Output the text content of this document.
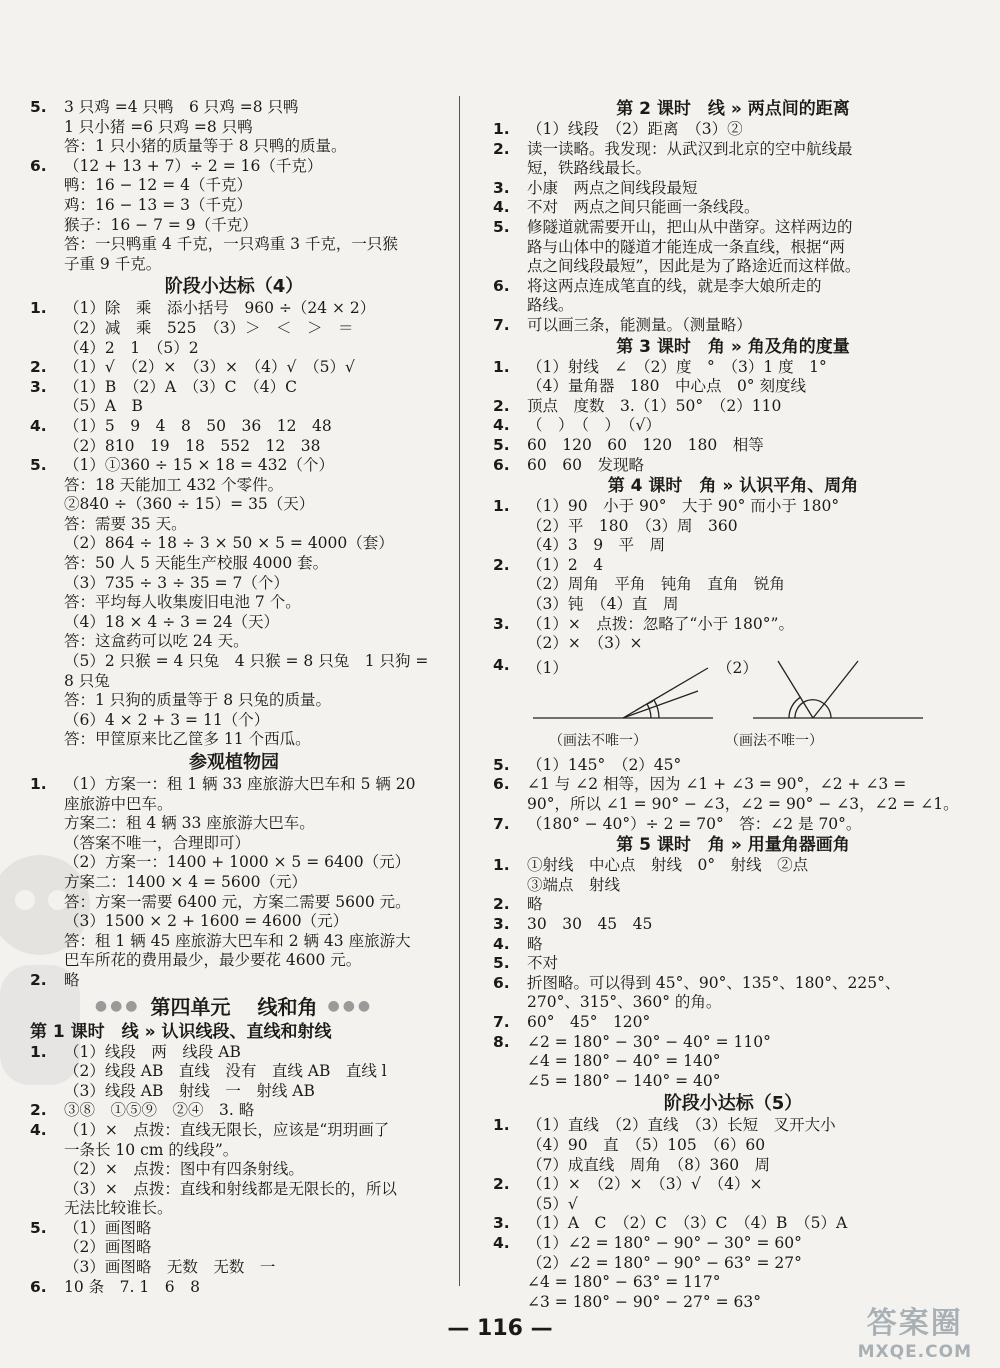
5.	3 只鸡 =4 只鸭　6 只鸡 =8 只鸭
1 只小猪 =6 只鸡 =8 只鸭
答：1 只小猪的质量等于 8 只鸭的质量。
6.	（12 + 13 + 7）÷ 2 = 16（千克）
鸭：16 − 12 = 4（千克）
鸡：16 − 13 = 3（千克）
猴子：16 − 7 = 9（千克）
答：一只鸭重 4 千克，一只鸡重 3 千克，一只猴
子重 9 千克。
阶段小达标（4）
1.	（1）除　乘　添小括号　960 ÷（24 × 2）
（2）减　乘　525　（3）＞　＜　＞　＝
（4）2　1　（5）2
2.	（1）√　（2）×　（3）×　（4）√　（5）√
3.	（1）B　（2）A　（3）C　（4）C
（5）A　B
4.	（1）5　9　4　8　50　36　12　48
（2）810　19　18　552　12　38
5.	（1）①360 ÷ 15 × 18 = 432（个）
答：18 天能加工 432 个零件。
②840 ÷（360 ÷ 15）= 35（天）
答：需要 35 天。
（2）864 ÷ 18 ÷ 3 × 50 × 5 = 4000（套）
答：50 人 5 天能生产校服 4000 套。
（3）735 ÷ 3 ÷ 35 = 7（个）
答：平均每人收集废旧电池 7 个。
（4）18 × 4 ÷ 3 = 24（天）
答：这盒药可以吃 24 天。
（5）2 只猴 = 4 只兔　4 只猴 = 8 只兔　1 只狗 =
8 只兔
答：1 只狗的质量等于 8 只兔的质量。
（6）4 × 2 + 3 = 11（个）
答：甲筐原来比乙筐多 11 个西瓜。
参观植物园
1.	（1）方案一：租 1 辆 33 座旅游大巴车和 5 辆 20
座旅游中巴车。
方案二：租 4 辆 33 座旅游大巴车。
（答案不唯一，合理即可）
（2）方案一：1400 + 1000 × 5 = 6400（元）
方案二：1400 × 4 = 5600（元）
答：方案一需要 6400 元，方案二需要 5600 元。
（3）1500 × 2 + 1600 = 4600（元）
答：租 1 辆 45 座旅游大巴车和 2 辆 43 座旅游大
巴车所花的费用最少，最少要花 4600 元。
2.	略
●●● 第四单元　 线和角 ●●●
第 1 课时　线 » 认识线段、直线和射线
1.	（1）线段　两　线段 AB
（2）线段 AB　直线　没有　直线 AB　直线 l
（3）线段 AB　射线　一　射线 AB
2.	③⑧　①⑤⑨　②④　3. 略
4.	（1）×　点拨：直线无限长，应该是“玥玥画了
一条长 10 cm 的线段”。
（2）×　点拨：图中有四条射线。
（3）×　点拨：直线和射线都是无限长的，所以
无法比较谁长。
5.	（1）画图略
（2）画图略
（3）画图略　无数　无数　一
6.	10 条　7. 1　6　8
第 2 课时　线 » 两点间的距离
1.	（1）线段　（2）距离　（3）②
2.	读一读略。我发现：从武汉到北京的空中航线最
短，铁路线最长。
3.	小康　两点之间线段最短
4.	不对　两点之间只能画一条线段。
5.	修隧道就需要开山，把山从中凿穿。这样两边的
路与山体中的隧道才能连成一条直线，根据“两
点之间线段最短”，因此是为了路途近而这样做。
6.	将这两点连成笔直的线，就是李大娘所走的
路线。
7.	可以画三条，能测量。（测量略）
第 3 课时　角 » 角及角的度量
1.	（1）射线　∠　（2）度　°　（3）1 度　1°
（4）量角器　180　中心点　0° 刻度线
2.	顶点　度数　3.（1）50°　（2）110
4.	（　）　（　）　（√）
5.	60　120　60　120　180　相等
6.	60　60　发现略
第 4 课时　角 » 认识平角、周角
1.	（1）90　小于 90°　大于 90° 而小于 180°
（2）平　180　（3）周　360
（4）3　9　平　周
2.	（1）2　4
（2）周角　平角　钝角　直角　锐角
（3）钝　（4）直　周
3.	（1）×　点拨：忽略了“小于 180°”。
（2）×　（3）×
4. （1）	（2）
（画法不唯一）	（画法不唯一）
5.	（1）145°　（2）45°
6.	∠1 与 ∠2 相等，因为 ∠1 + ∠3 = 90°，∠2 + ∠3 =
90°，所以 ∠1 = 90° − ∠3，∠2 = 90° − ∠3，∠2 = ∠1。
7.	（180° − 40°）÷ 2 = 70°　答：∠2 是 70°。
第 5 课时　角 » 用量角器画角
1.	①射线　中心点　射线　0°　射线　②点
③端点　射线
2.	略
3.	30　30　45　45
4.	略
5.	不对
6.	折图略。可以得到 45°、90°、135°、180°、225°、
270°、315°、360° 的角。
7.	60°　45°　120°
8.	∠2 = 180° − 30° − 40° = 110°
∠4 = 180° − 40° = 140°
∠5 = 180° − 140° = 40°
阶段小达标（5）
1.	（1）直线　（2）直线　（3）长短　叉开大小
（4）90　直　（5）105　（6）60
（7）成直线　周角　（8）360　周
2.	（1）×　（2）×　（3）√　（4）×
（5）√
3.	（1）A　C　（2）C　（3）C　（4）B　（5）A
4.	（1）∠2 = 180° − 90° − 30° = 60°
（2）∠2 = 180° − 90° − 63° = 27°
∠4 = 180° − 63° = 117°
∠3 = 180° − 90° − 27° = 63°
— 116 —	答案圈
MXQE.COM
